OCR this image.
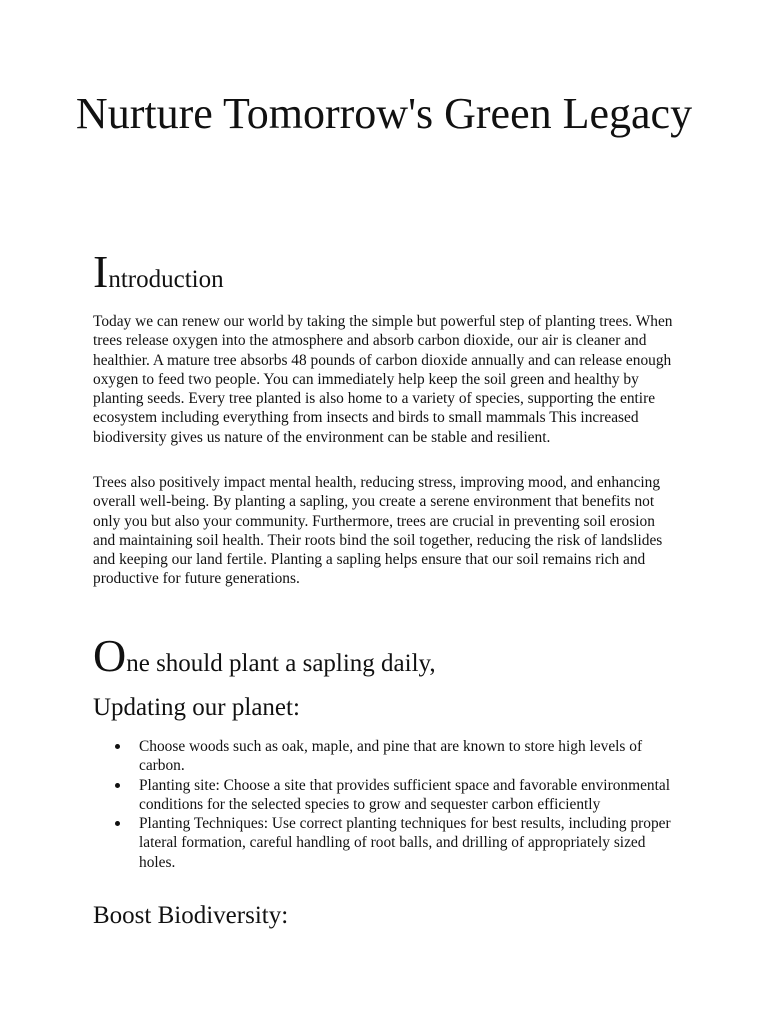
Nurture Tomorrow's Green Legacy
Introduction

Today we can renew our world by taking the simple but powerful step of planting trees. When trees release oxygen into the atmosphere and absorb carbon dioxide, our air is cleaner and healthier. A mature tree absorbs 48 pounds of carbon dioxide annually and can release enough oxygen to feed two people. You can immediately help keep the soil green and healthy by planting seeds. Every tree planted is also home to a variety of species, supporting the entire ecosystem including everything from insects and birds to small mammals This increased biodiversity gives us nature of the environment can be stable and resilient.

Trees also positively impact mental health, reducing stress, improving mood, and enhancing overall well-being. By planting a sapling, you create a serene environment that benefits not only you but also your community. Furthermore, trees are crucial in preventing soil erosion and maintaining soil health. Their roots bind the soil together, reducing the risk of landslides and keeping our land fertile. Planting a sapling helps ensure that our soil remains rich and productive for future generations.

One should plant a sapling daily,
Updating our planet:
Choose woods such as oak, maple, and pine that are known to store high levels of carbon.
Planting site: Choose a site that provides sufficient space and favorable environmental conditions for the selected species to grow and sequester carbon efficiently
Planting Techniques: Use correct planting techniques for best results, including proper lateral formation, careful handling of root balls, and drilling of appropriately sized holes.
Boost Biodiversity:
